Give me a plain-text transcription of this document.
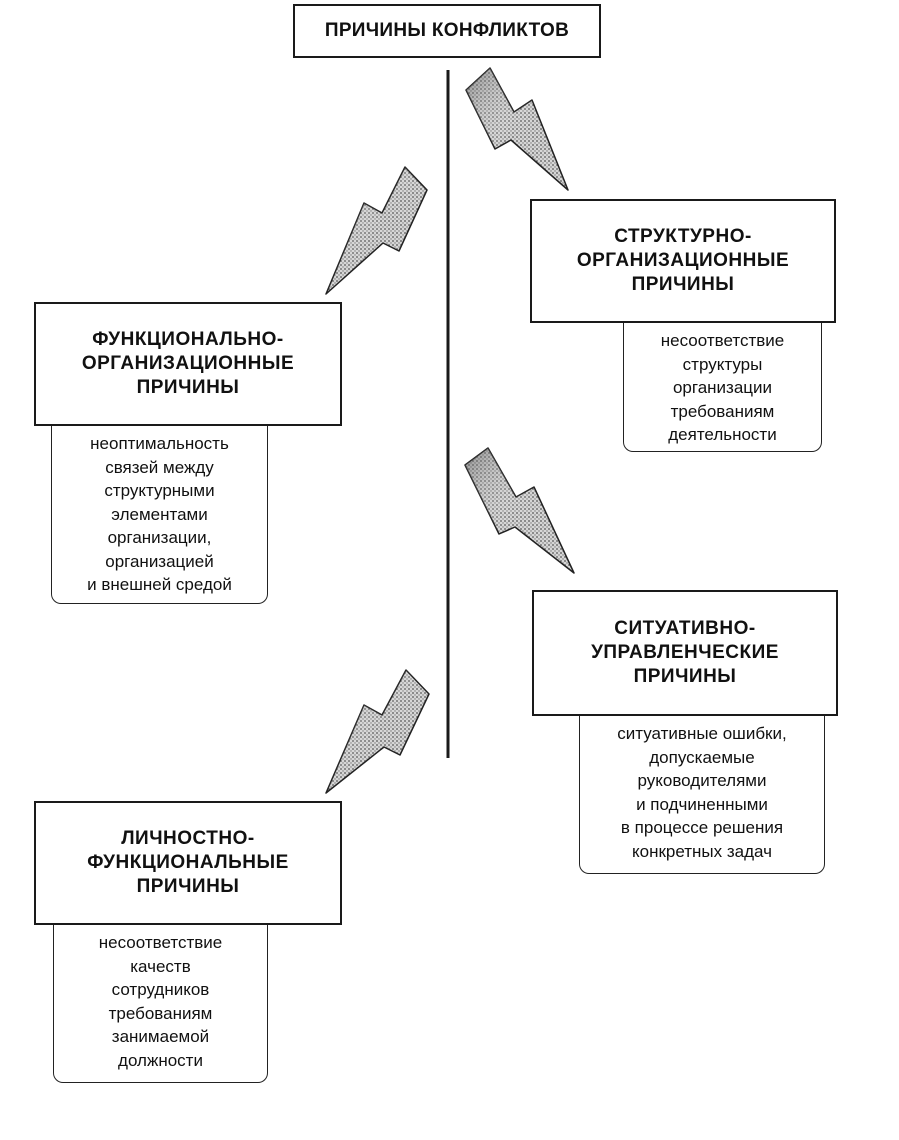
ПРИЧИНЫ КОНФЛИКТОВ
СТРУКТУРНО-
ОРГАНИЗАЦИОННЫЕ
ПРИЧИНЫ
несоответствие
структуры
организации
требованиям
деятельности
ФУНКЦИОНАЛЬНО-
ОРГАНИЗАЦИОННЫЕ
ПРИЧИНЫ
неоптимальность
связей между
структурными
элементами
организации,
организацией
и внешней средой
СИТУАТИВНО-
УПРАВЛЕНЧЕСКИЕ
ПРИЧИНЫ
ситуативные ошибки,
допускаемые
руководителями
и подчиненными
в процессе решения
конкретных задач
ЛИЧНОСТНО-
ФУНКЦИОНАЛЬНЫЕ
ПРИЧИНЫ
несоответствие
качеств
сотрудников
требованиям
занимаемой
должности
